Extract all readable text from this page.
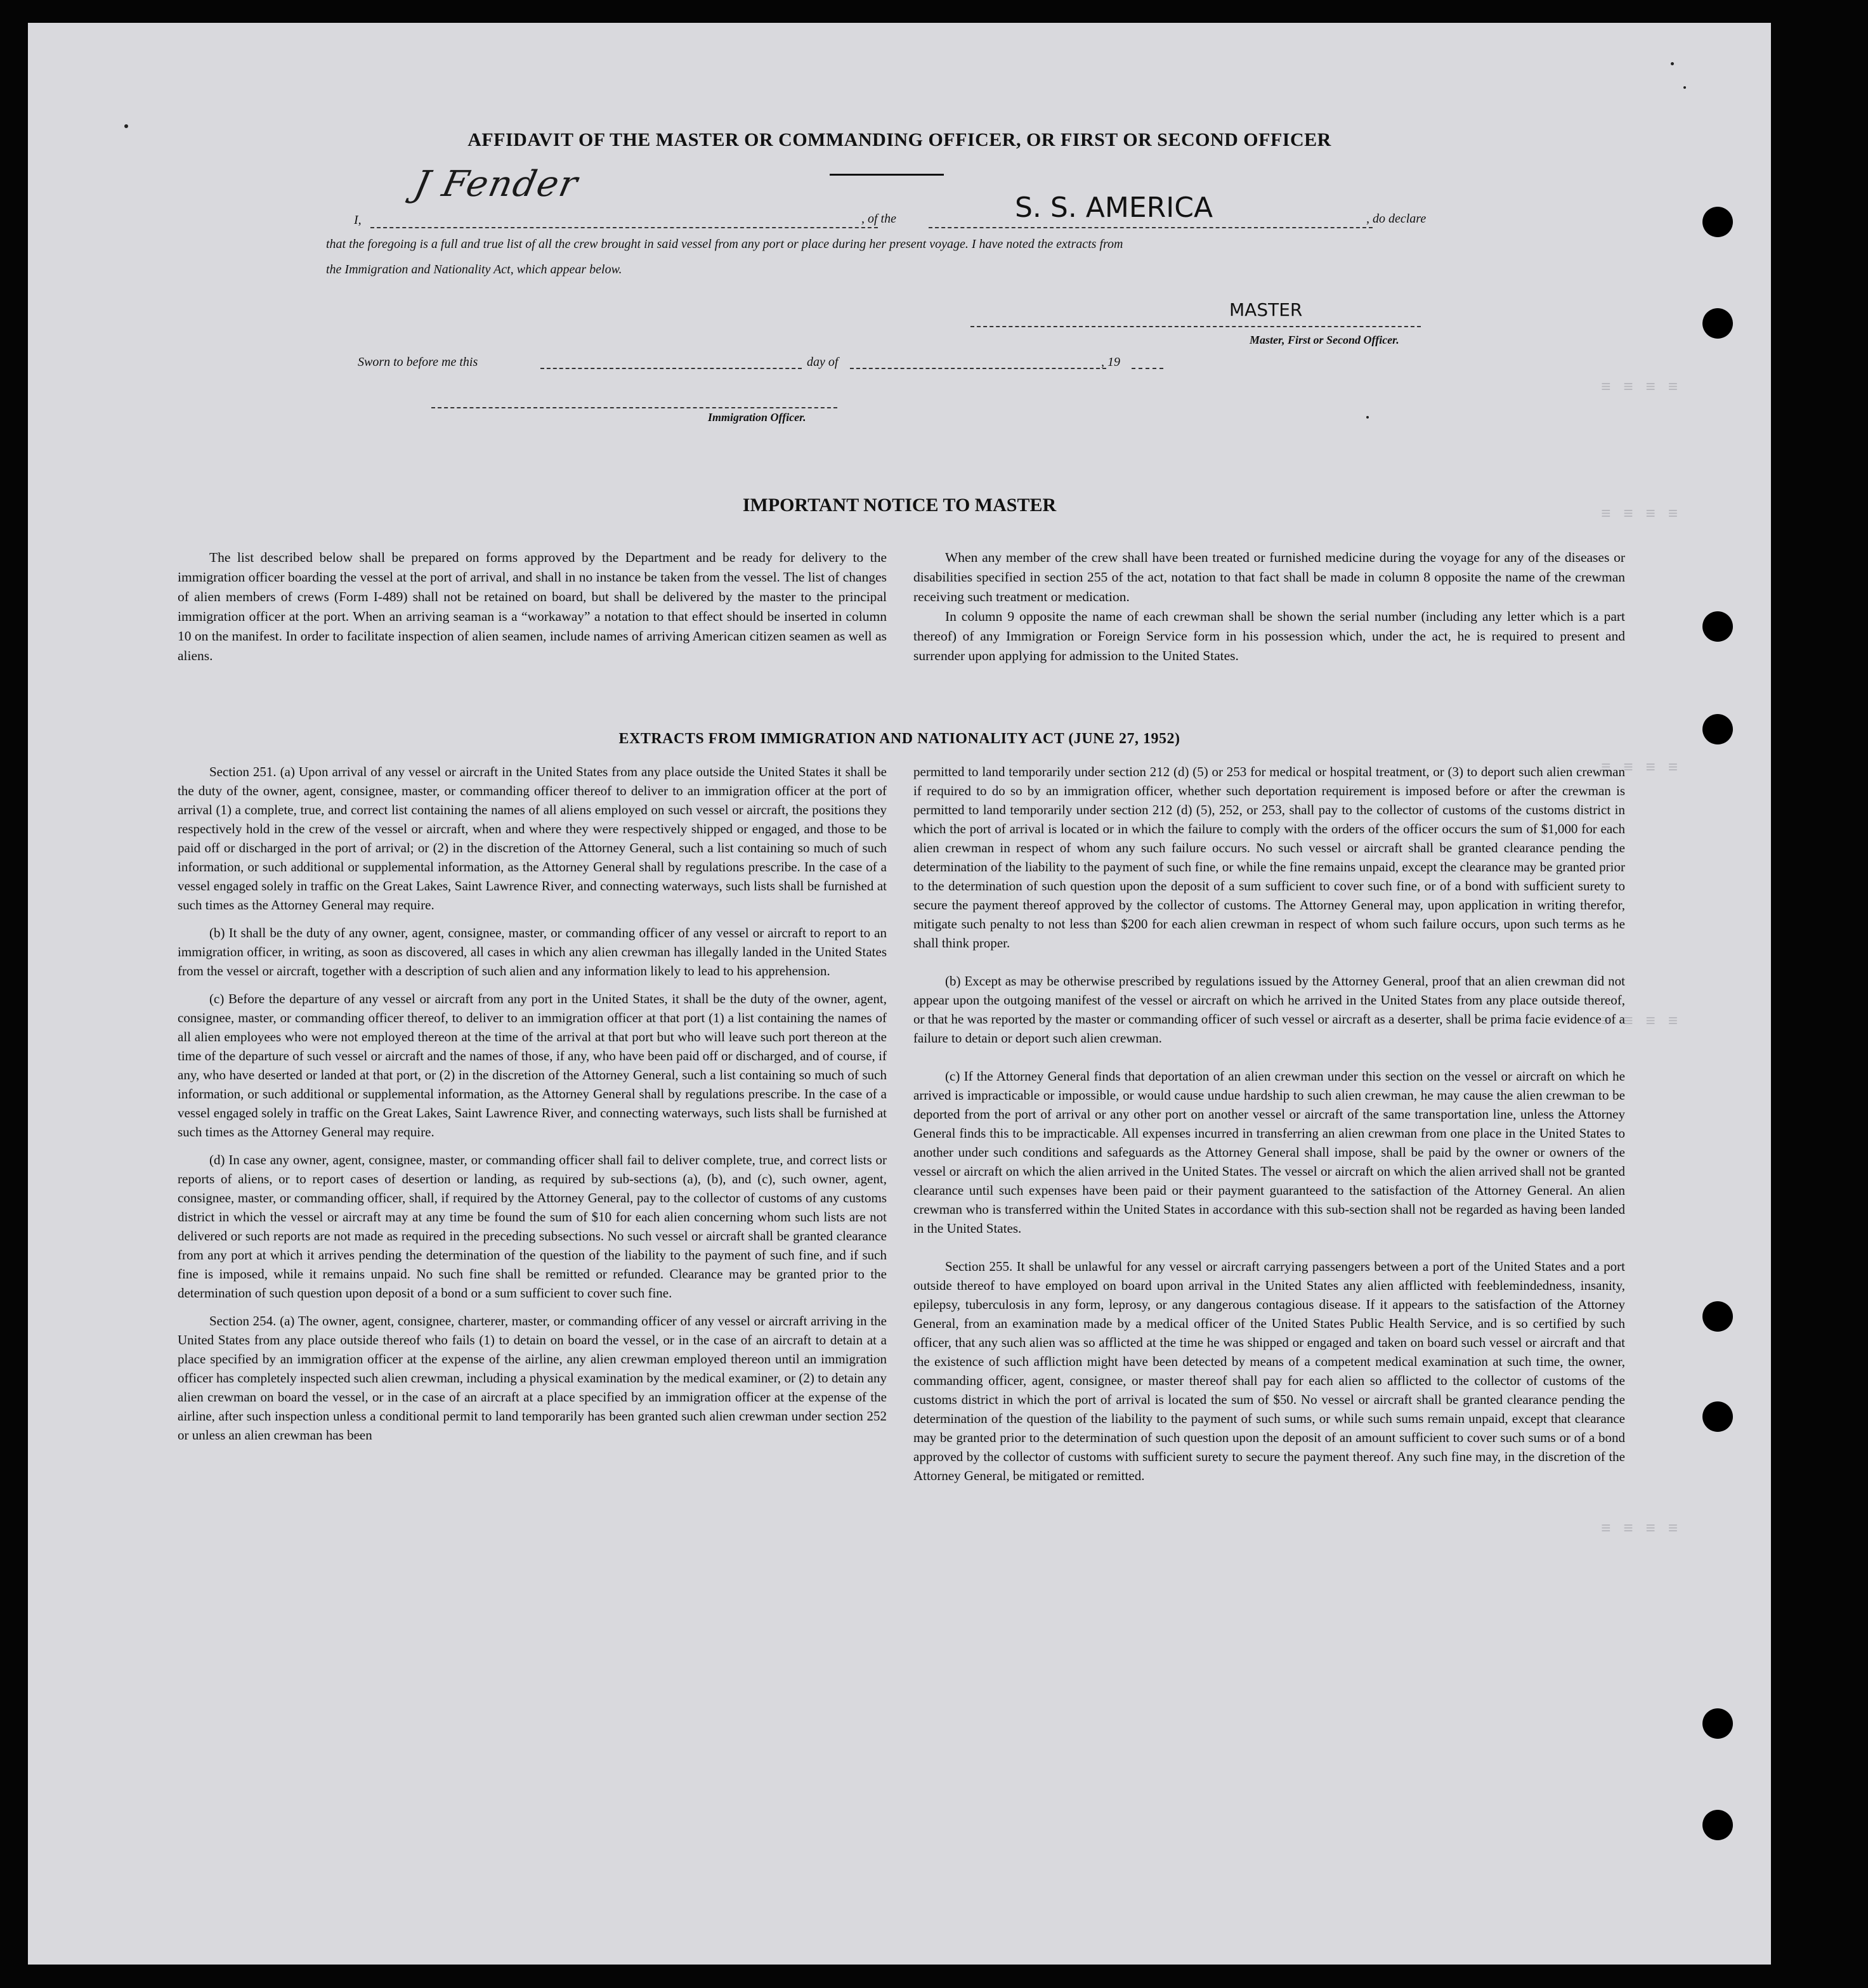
≡ ≡ ≡ ≡
≡ ≡ ≡ ≡
≡ ≡ ≡ ≡
≡ ≡ ≡ ≡
≡ ≡ ≡ ≡
AFFIDAVIT OF THE MASTER OR COMMANDING OFFICER, OR FIRST OR SECOND OFFICER
I,
J Fender
, of the	S. S. AMERICA	, do declare
that the foregoing is a full and true list of all the crew brought in said vessel from any port or place during her present voyage. I have noted the extracts from
the Immigration and Nationality Act, which appear below.
MASTER
Master, First or Second Officer.
Sworn to before me this	day of	, 19
Immigration Officer.
IMPORTANT NOTICE TO MASTER

The list described below shall be prepared on forms approved by the Department and be ready for delivery to the immigration officer boarding the vessel at the port of arrival, and shall in no instance be taken from the vessel. The list of changes of alien members of crews (Form I-489) shall not be retained on board, but shall be delivered by the master to the principal immigration officer at the port. When an arriving seaman is a “workaway” a notation to that effect should be inserted in column 10 on the manifest. In order to facilitate inspection of alien seamen, include names of arriving American citizen seamen as well as aliens.

When any member of the crew shall have been treated or furnished medicine during the voyage for any of the diseases or disabilities specified in section 255 of the act, notation to that fact shall be made in column 8 opposite the name of the crewman receiving such treatment or medication.

In column 9 opposite the name of each crewman shall be shown the serial number (including any letter which is a part thereof) of any Immigration or Foreign Service form in his possession which, under the act, he is required to present and surrender upon applying for admission to the United States.

EXTRACTS FROM IMMIGRATION AND NATIONALITY ACT (JUNE 27, 1952)

Section 251. (a) Upon arrival of any vessel or aircraft in the United States from any place outside the United States it shall be the duty of the owner, agent, consignee, master, or commanding officer thereof to deliver to an immigration officer at the port of arrival (1) a complete, true, and correct list containing the names of all aliens employed on such vessel or aircraft, the positions they respectively hold in the crew of the vessel or aircraft, when and where they were respectively shipped or engaged, and those to be paid off or discharged in the port of arrival; or (2) in the discretion of the Attorney General, such a list containing so much of such information, or such additional or supplemental information, as the Attorney General shall by regulations prescribe. In the case of a vessel engaged solely in traffic on the Great Lakes, Saint Lawrence River, and connecting waterways, such lists shall be furnished at such times as the Attorney General may require.

(b) It shall be the duty of any owner, agent, consignee, master, or commanding officer of any vessel or aircraft to report to an immigration officer, in writing, as soon as discovered, all cases in which any alien crewman has illegally landed in the United States from the vessel or aircraft, together with a description of such alien and any information likely to lead to his apprehension.

(c) Before the departure of any vessel or aircraft from any port in the United States, it shall be the duty of the owner, agent, consignee, master, or commanding officer thereof, to deliver to an immigration officer at that port (1) a list containing the names of all alien employees who were not employed thereon at the time of the arrival at that port but who will leave such port thereon at the time of the departure of such vessel or aircraft and the names of those, if any, who have been paid off or discharged, and of course, if any, who have deserted or landed at that port, or (2) in the discretion of the Attorney General, such a list containing so much of such information, or such additional or supplemental information, as the Attorney General shall by regulations prescribe. In the case of a vessel engaged solely in traffic on the Great Lakes, Saint Lawrence River, and connecting waterways, such lists shall be furnished at such times as the Attorney General may require.

(d) In case any owner, agent, consignee, master, or commanding officer shall fail to deliver complete, true, and correct lists or reports of aliens, or to report cases of desertion or landing, as required by sub-sections (a), (b), and (c), such owner, agent, consignee, master, or commanding officer, shall, if required by the Attorney General, pay to the collector of customs of any customs district in which the vessel or aircraft may at any time be found the sum of $10 for each alien concerning whom such lists are not delivered or such reports are not made as required in the preceding subsections. No such vessel or aircraft shall be granted clearance from any port at which it arrives pending the determination of the question of the liability to the payment of such fine, and if such fine is imposed, while it remains unpaid. No such fine shall be remitted or refunded. Clearance may be granted prior to the determination of such question upon deposit of a bond or a sum sufficient to cover such fine.

Section 254. (a) The owner, agent, consignee, charterer, master, or commanding officer of any vessel or aircraft arriving in the United States from any place outside thereof who fails (1) to detain on board the vessel, or in the case of an aircraft to detain at a place specified by an immigration officer at the expense of the airline, any alien crewman employed thereon until an immigration officer has completely inspected such alien crewman, including a physical examination by the medical examiner, or (2) to detain any alien crewman on board the vessel, or in the case of an aircraft at a place specified by an immigration officer at the expense of the airline, after such inspection unless a conditional permit to land temporarily has been granted such alien crewman under section 252 or unless an alien crewman has been

permitted to land temporarily under section 212 (d) (5) or 253 for medical or hospital treatment, or (3) to deport such alien crewman if required to do so by an immigration officer, whether such deportation requirement is imposed before or after the crewman is permitted to land temporarily under section 212 (d) (5), 252, or 253, shall pay to the collector of customs of the customs district in which the port of arrival is located or in which the failure to comply with the orders of the officer occurs the sum of $1,000 for each alien crewman in respect of whom any such failure occurs. No such vessel or aircraft shall be granted clearance pending the determination of the liability to the payment of such fine, or while the fine remains unpaid, except the clearance may be granted prior to the determination of such question upon the deposit of a sum sufficient to cover such fine, or of a bond with sufficient surety to secure the payment thereof approved by the collector of customs. The Attorney General may, upon application in writing therefor, mitigate such penalty to not less than $200 for each alien crewman in respect of whom such failure occurs, upon such terms as he shall think proper.

(b) Except as may be otherwise prescribed by regulations issued by the Attorney General, proof that an alien crewman did not appear upon the outgoing manifest of the vessel or aircraft on which he arrived in the United States from any place outside thereof, or that he was reported by the master or commanding officer of such vessel or aircraft as a deserter, shall be prima facie evidence of a failure to detain or deport such alien crewman.

(c) If the Attorney General finds that deportation of an alien crewman under this section on the vessel or aircraft on which he arrived is impracticable or impossible, or would cause undue hardship to such alien crewman, he may cause the alien crewman to be deported from the port of arrival or any other port on another vessel or aircraft of the same transportation line, unless the Attorney General finds this to be impracticable. All expenses incurred in transferring an alien crewman from one place in the United States to another under such conditions and safeguards as the Attorney General shall impose, shall be paid by the owner or owners of the vessel or aircraft on which the alien arrived in the United States. The vessel or aircraft on which the alien arrived shall not be granted clearance until such expenses have been paid or their payment guaranteed to the satisfaction of the Attorney General. An alien crewman who is transferred within the United States in accordance with this sub-section shall not be regarded as having been landed in the United States.

Section 255. It shall be unlawful for any vessel or aircraft carrying passengers between a port of the United States and a port outside thereof to have employed on board upon arrival in the United States any alien afflicted with feeblemindedness, insanity, epilepsy, tuberculosis in any form, leprosy, or any dangerous contagious disease. If it appears to the satisfaction of the Attorney General, from an examination made by a medical officer of the United States Public Health Service, and is so certified by such officer, that any such alien was so afflicted at the time he was shipped or engaged and taken on board such vessel or aircraft and that the existence of such affliction might have been detected by means of a competent medical examination at such time, the owner, commanding officer, agent, consignee, or master thereof shall pay for each alien so afflicted to the collector of customs of the customs district in which the port of arrival is located the sum of $50. No vessel or aircraft shall be granted clearance pending the determination of the question of the liability to the payment of such sums, or while such sums remain unpaid, except that clearance may be granted prior to the determination of such question upon the deposit of an amount sufficient to cover such sums or of a bond approved by the collector of customs with sufficient surety to secure the payment thereof. Any such fine may, in the discretion of the Attorney General, be mitigated or remitted.
